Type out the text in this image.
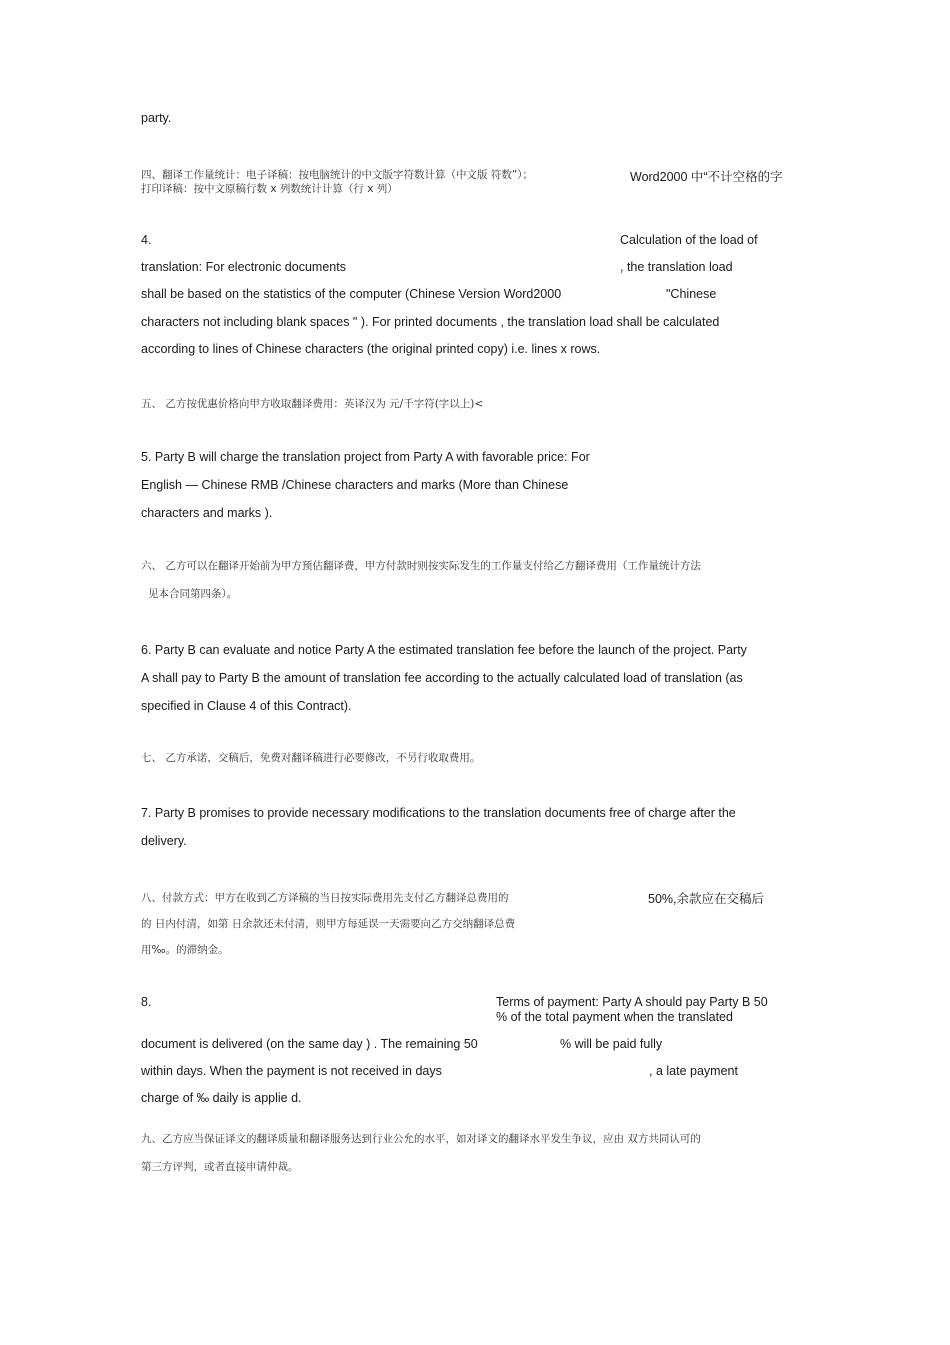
party.

四、翻译工作量统计：电子译稿：按电脑统计的中文版字符数计算（中文版 符数”）；	Word2000 中“不计空格的字

打印译稿：按中文原稿行数 x 列数统计计算（行 x 列）

4.	Calculation of the load of

translation: For electronic documents	, the translation load

shall be based on the statistics of the computer (Chinese Version Word2000	"Chinese

characters not including blank spaces " ). For printed documents , the translation load shall be calculated

according to lines of Chinese characters (the original printed copy) i.e. lines x rows.

五、 乙方按优惠价格向甲方收取翻译费用：英译汉为 元/千字符(字以上)<

5. Party B will charge the translation project from Party A with favorable price: For

English — Chinese RMB /Chinese characters and marks (More than Chinese

characters and marks ).

六、 乙方可以在翻译开始前为甲方预估翻译费，甲方付款时则按实际发生的工作量支付给乙方翻译费用（工作量统计方法

见本合同第四条）。

6. Party B can evaluate and notice Party A the estimated translation fee before the launch of the project. Party

A shall pay to Party B the amount of translation fee according to the actually calculated load of translation (as

specified in Clause 4 of this Contract).

七、 乙方承诺，交稿后，免费对翻译稿进行必要修改，不另行收取费用。

7. Party B promises to provide necessary modifications to the translation documents free of charge after the

delivery.

八、付款方式：甲方在收到乙方译稿的当日按实际费用先支付乙方翻译总费用的	50%,余款应在交稿后

的 日内付清，如第 日余款还未付清，则甲方每延误一天需要向乙方交纳翻译总费

用‰。的滞纳金。

8.	Terms of payment: Party A should pay Party B 50

% of the total payment when the translated

document is delivered (on the same day ) . The remaining 50	% will be paid fully

within days. When the payment is not received in days	, a late payment

charge of ‰ daily is applie d.

九、乙方应当保证译文的翻译质量和翻译服务达到行业公允的水平，如对译文的翻译水平发生争议，应由 双方共同认可的

第三方评判，或者直接申请仲裁。
